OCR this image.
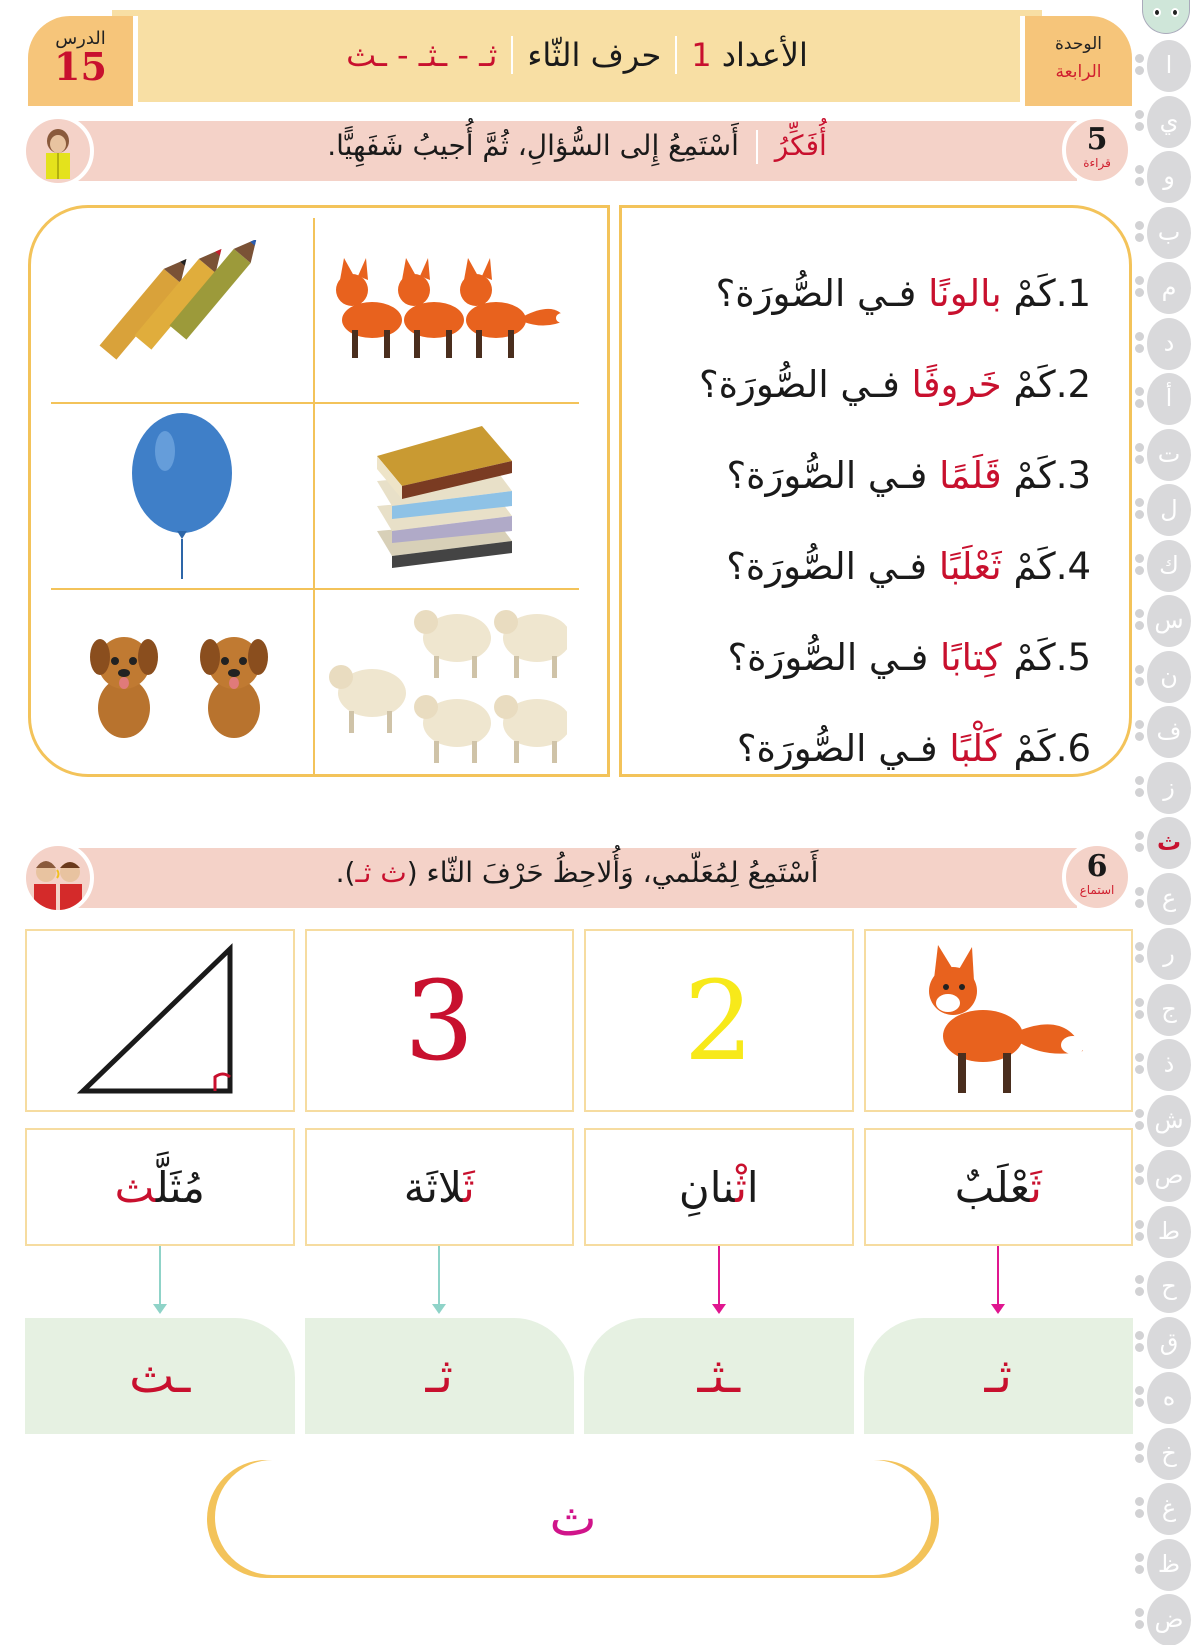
الدرس
15	الأعداد 1
حرف الثّاء
ثـ - ـثـ - ـث	الوحدة
الرابعة	ا
ي
و
ب
م
د
أ
ت
ل
ك
س
ن
ف
ز
ث
ع
ر
ج
ذ
ش
ص
ط
ح
ق
ه
خ
غ
ظ
ض
أُفَكِّرُ  أَسْتَمِعُ إِلى السُّؤالِ، ثُمَّ أُجيبُ شَفَهِيًّا.	5
قراءة
1.كَمْ بالونًا فـي الصُّورَة؟
2.كَمْ خَروفًا فـي الصُّورَة؟
3.كَمْ قَلَمًا فـي الصُّورَة؟
4.كَمْ ثَعْلَبًا فـي الصُّورَة؟
5.كَمْ كِتابًا فـي الصُّورَة؟
6.كَمْ كَلْبًا فـي الصُّورَة؟
أَسْتَمِعُ لِمُعَلّمي، وَأُلاحِظُ حَرْفَ الثّاء (ث ثـ).	6
استماع
3 2
مُثَلَّث	ثَلاثَة	اثْنانِ	ثَعْلَبٌ
ـث	ثـ	ـثـ	ثـ
ث
